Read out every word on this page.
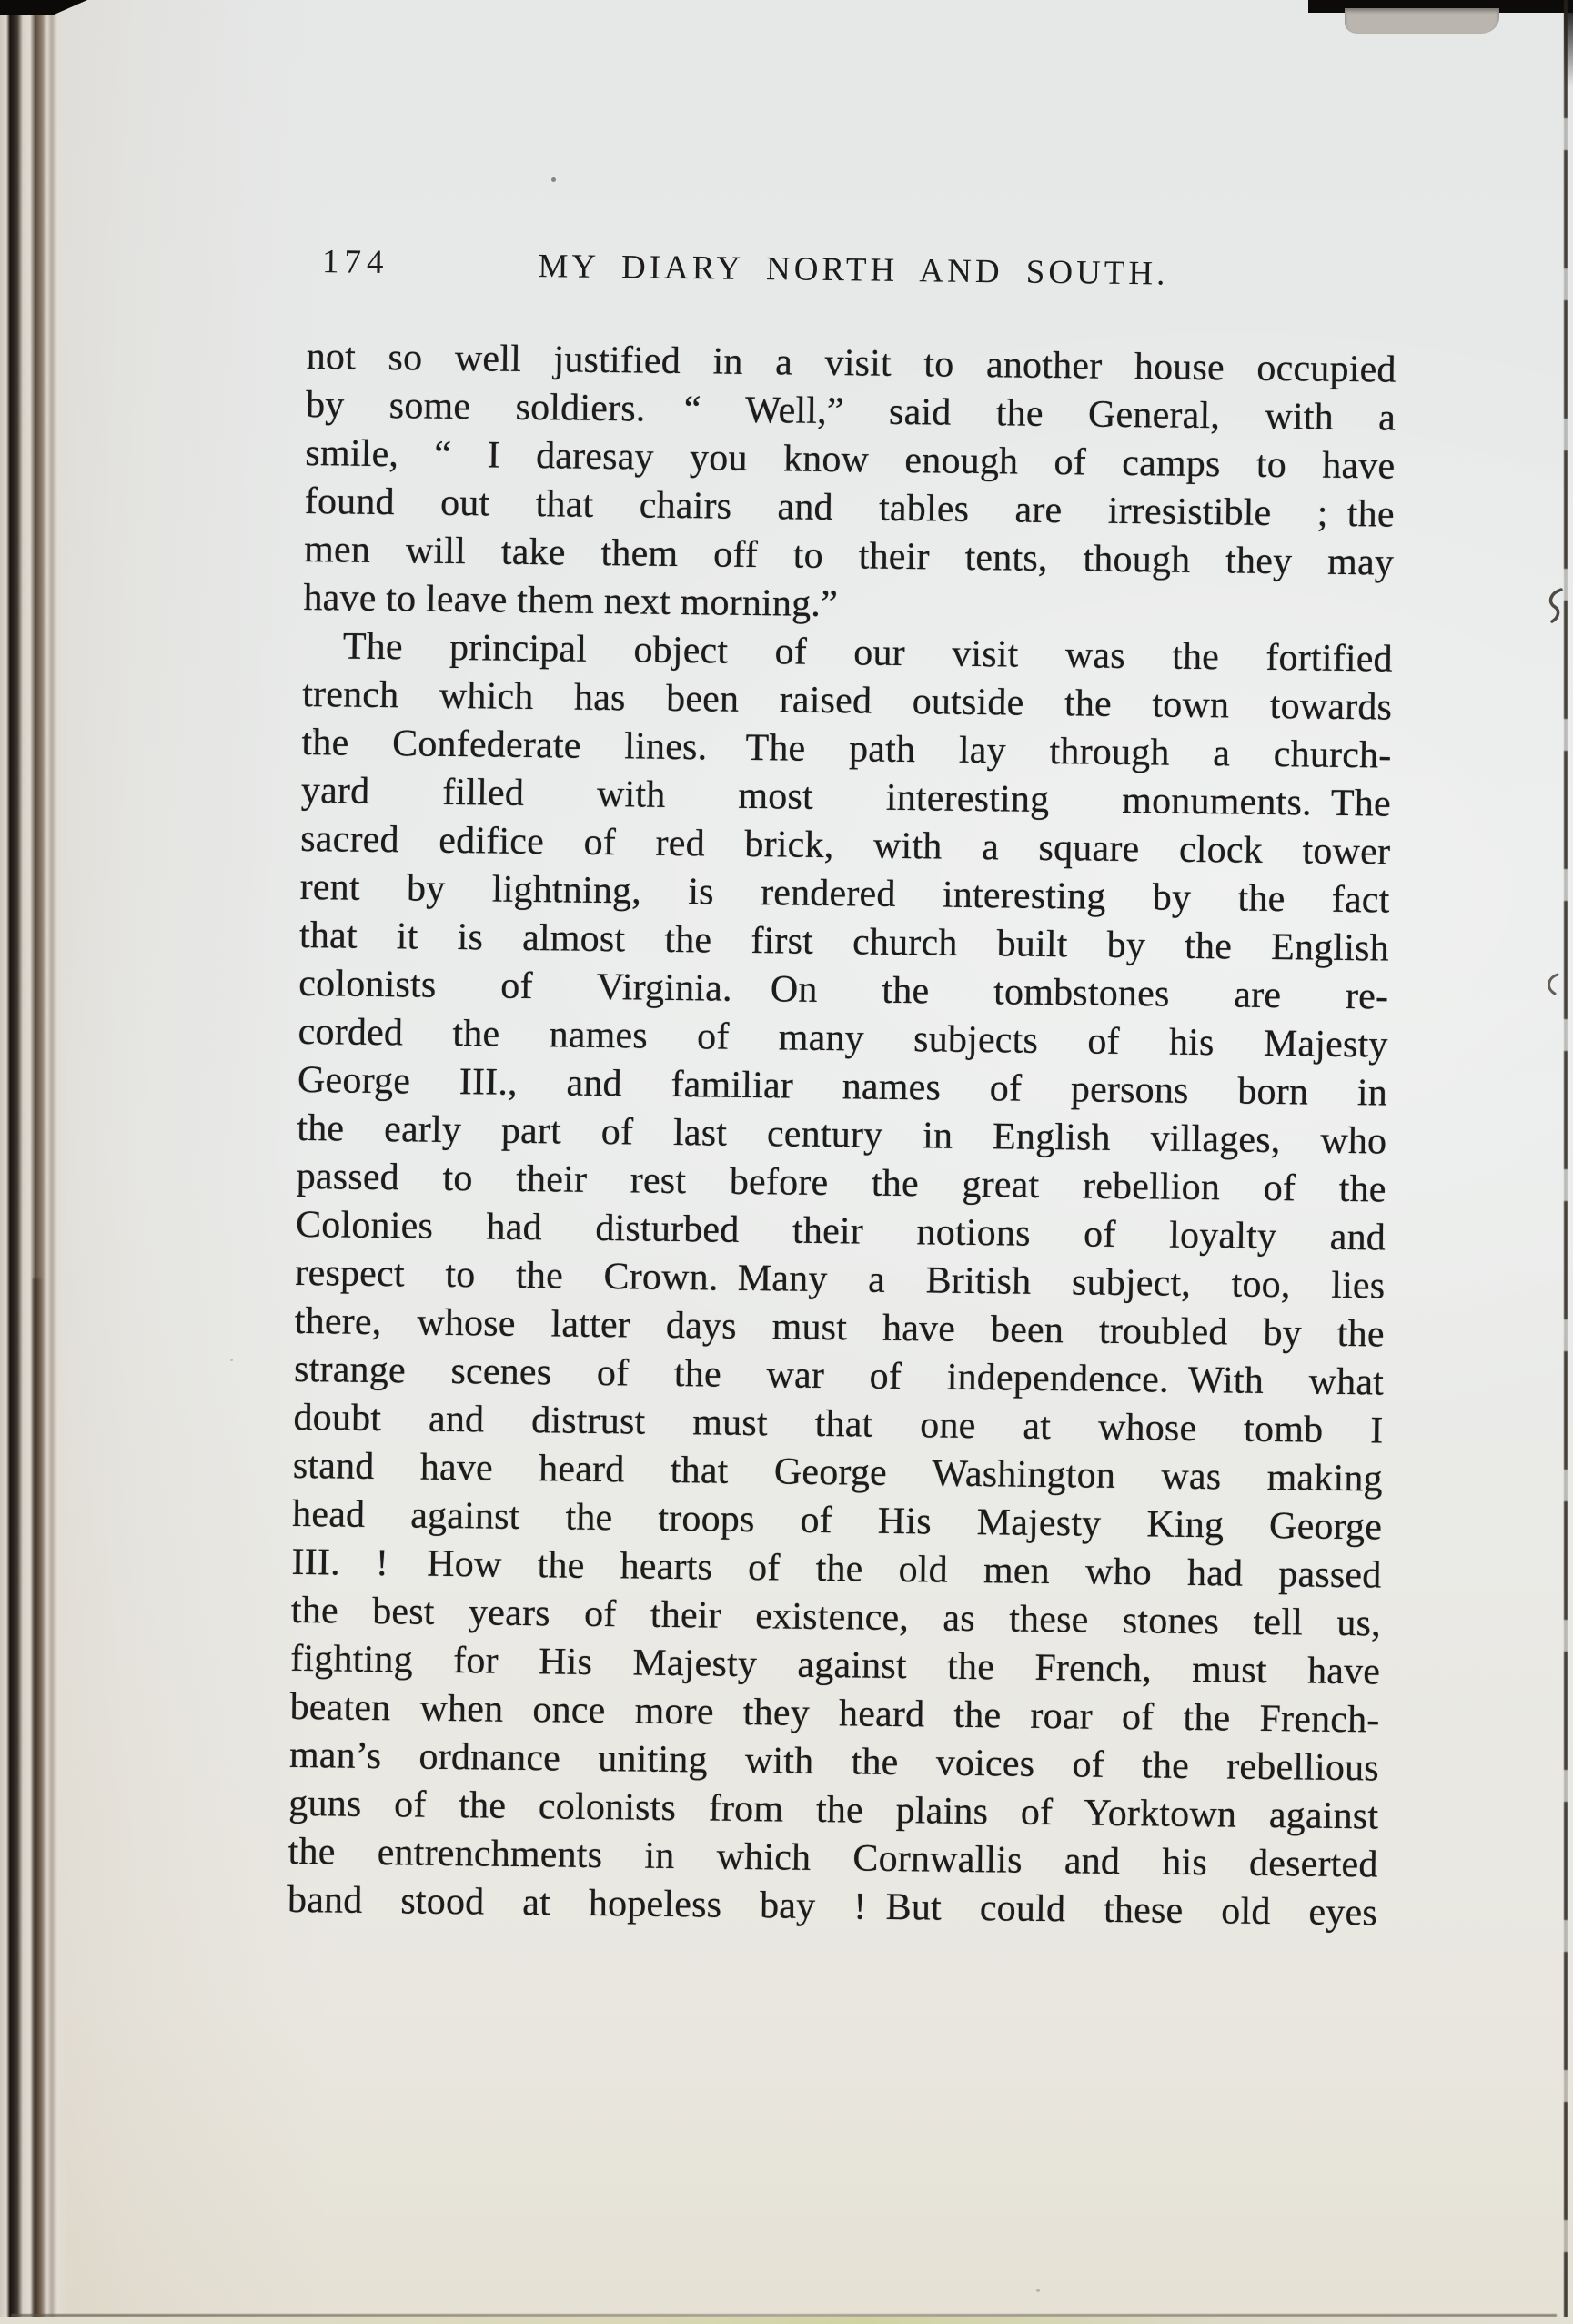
174	MY DIARY NORTH AND SOUTH.
not so well justified in a visit to another house occupied
by some soldiers. “ Well,” said the General, with a
smile, “ I daresay you know enough of camps to have
found out that chairs and tables are irresistible ; the
men will take them off to their tents, though they may
have to leave them next morning.”
The principal object of our visit was the fortified
trench which has been raised outside the town towards
the Confederate lines. The path lay through a church-
yard filled with most interesting monuments. The
sacred edifice of red brick, with a square clock tower
rent by lightning, is rendered interesting by the fact
that it is almost the first church built by the English
colonists of Virginia. On the tombstones are re-
corded the names of many subjects of his Majesty
George III., and familiar names of persons born in
the early part of last century in English villages, who
passed to their rest before the great rebellion of the
Colonies had disturbed their notions of loyalty and
respect to the Crown. Many a British subject, too, lies
there, whose latter days must have been troubled by the
strange scenes of the war of independence. With what
doubt and distrust must that one at whose tomb I
stand have heard that George Washington was making
head against the troops of His Majesty King George
III. ! How the hearts of the old men who had passed
the best years of their existence, as these stones tell us,
fighting for His Majesty against the French, must have
beaten when once more they heard the roar of the French-
man’s ordnance uniting with the voices of the rebellious
guns of the colonists from the plains of Yorktown against
the entrenchments in which Cornwallis and his deserted
band stood at hopeless bay ! But could these old eyes
